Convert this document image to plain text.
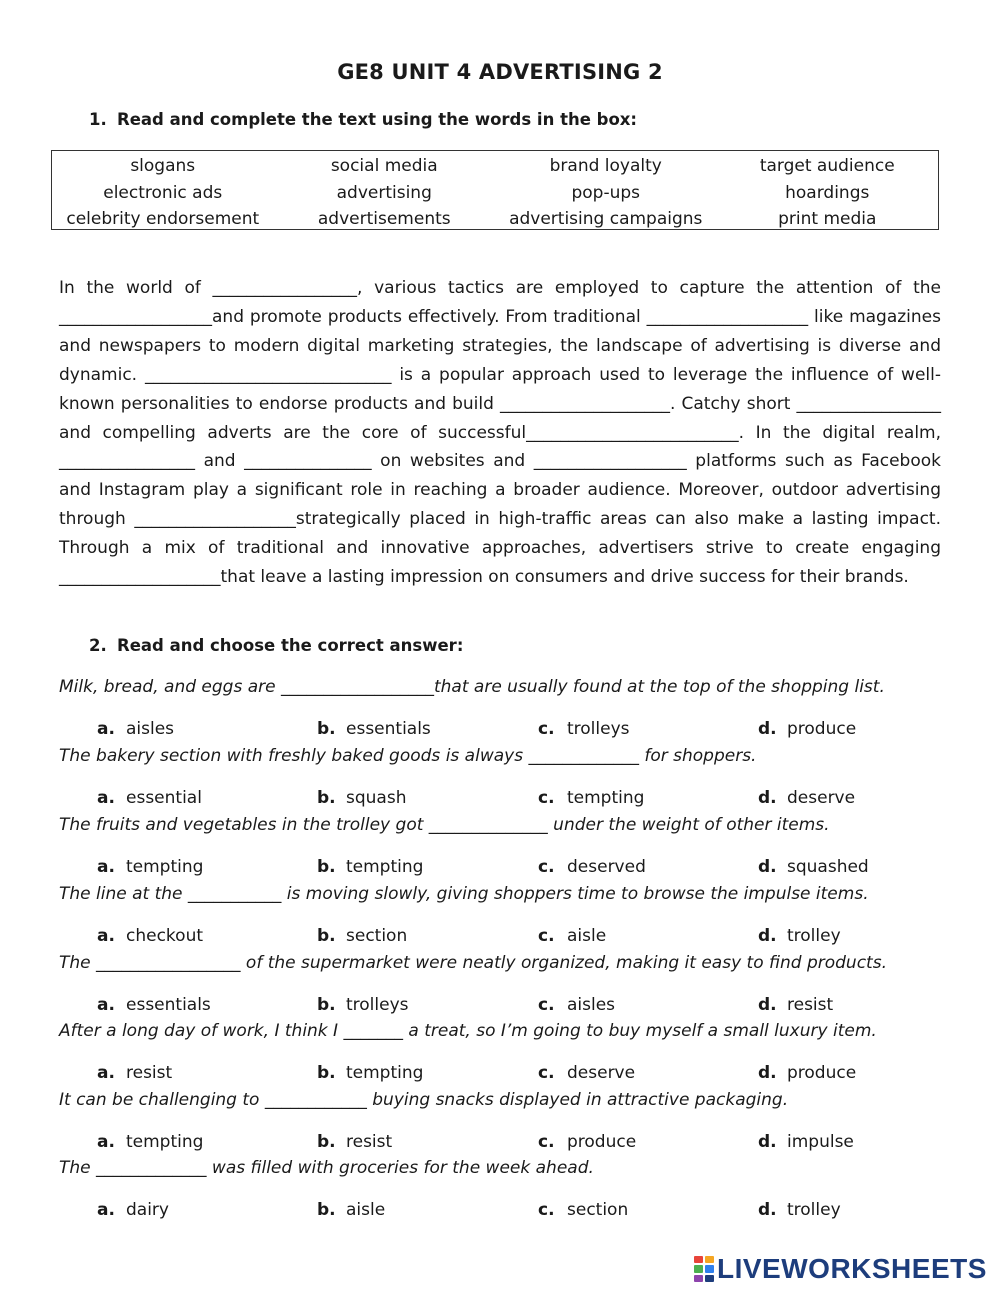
GE8 UNIT 4 ADVERTISING 2
1. Read and complete the text using the words in the box:
slogans	social media	brand loyalty	target audience
electronic ads	advertising	pop-ups	hoardings
celebrity endorsement	advertisements	advertising campaigns	print media

In the world of _________________, various tactics are employed to capture the attention of the __________________and promote products effectively. From traditional ___________________ like magazines and newspapers to modern digital marketing strategies, the landscape of advertising is diverse and dynamic. _____________________________ is a popular approach used to leverage the influence of well-known personalities to endorse products and build ____________________. Catchy short _________________ and compelling adverts are the core of successful_________________________. In the digital realm, ________________ and _______________ on websites and __________________ platforms such as Facebook and Instagram play a significant role in reaching a broader audience. Moreover, outdoor advertising through ___________________strategically placed in high-traffic areas can also make a lasting impact. Through a mix of traditional and innovative approaches, advertisers strive to create engaging ___________________that leave a lasting impression on consumers and drive success for their brands.

2. Read and choose the correct answer:
Milk, bread, and eggs are __________________that are usually found at the top of the shopping list.
a. aisles	b. essentials	c. trolleys	d. produce
The bakery section with freshly baked goods is always _____________ for shoppers.
a. essential	b. squash	c. tempting	d. deserve
The fruits and vegetables in the trolley got ______________ under the weight of other items.
a. tempting	b. tempting	c. deserved	d. squashed
The line at the ___________ is moving slowly, giving shoppers time to browse the impulse items.
a. checkout	b. section	c. aisle	d. trolley
The _________________ of the supermarket were neatly organized, making it easy to find products.
a. essentials	b. trolleys	c. aisles	d. resist
After a long day of work, I think I _______ a treat, so I’m going to buy myself a small luxury item.
a. resist	b. tempting	c. deserve	d. produce
It can be challenging to ____________ buying snacks displayed in attractive packaging.
a. tempting	b. resist	c. produce	d. impulse
The _____________ was filled with groceries for the week ahead.
a. dairy	b. aisle	c. section	d. trolley
LIVEWORKSHEETS
